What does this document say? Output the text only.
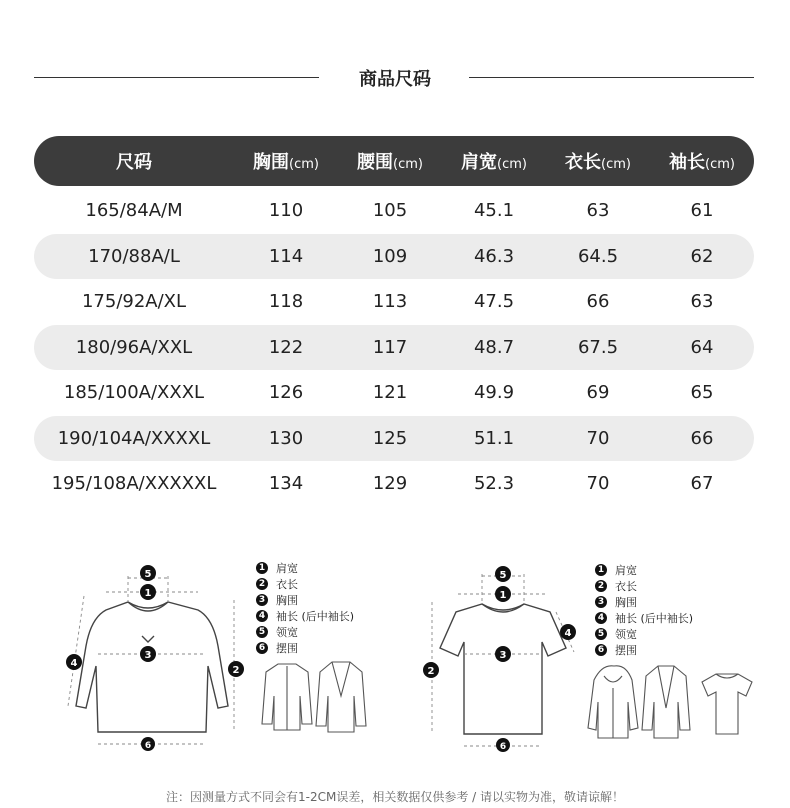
商品尺码
尺码	胸围(cm)	腰围(cm)	肩宽(cm)	衣长(cm)	袖长(cm)
165/84A/M	110	105	45.1	63	61
170/88A/L	114	109	46.3	64.5	62
175/92A/XL	118	113	47.5	66	63
180/96A/XXL	122	117	48.7	67.5	64
185/100A/XXXL	126	121	49.9	69	65
190/104A/XXXXL	130	125	51.1	70	66
195/108A/XXXXXL	134	129	52.3	70	67
5
1
3
4
2
6
1 肩宽
2 衣长
3 胸围
4 袖长 (后中袖长)
5 领宽
6 摆围
5
1
3
4
2
6
1 肩宽
2 衣长
3 胸围
4 袖长 (后中袖长)
5 领宽
6 摆围
注：因测量方式不同会有1-2CM误差，相关数据仅供参考 / 请以实物为准，敬请谅解！
